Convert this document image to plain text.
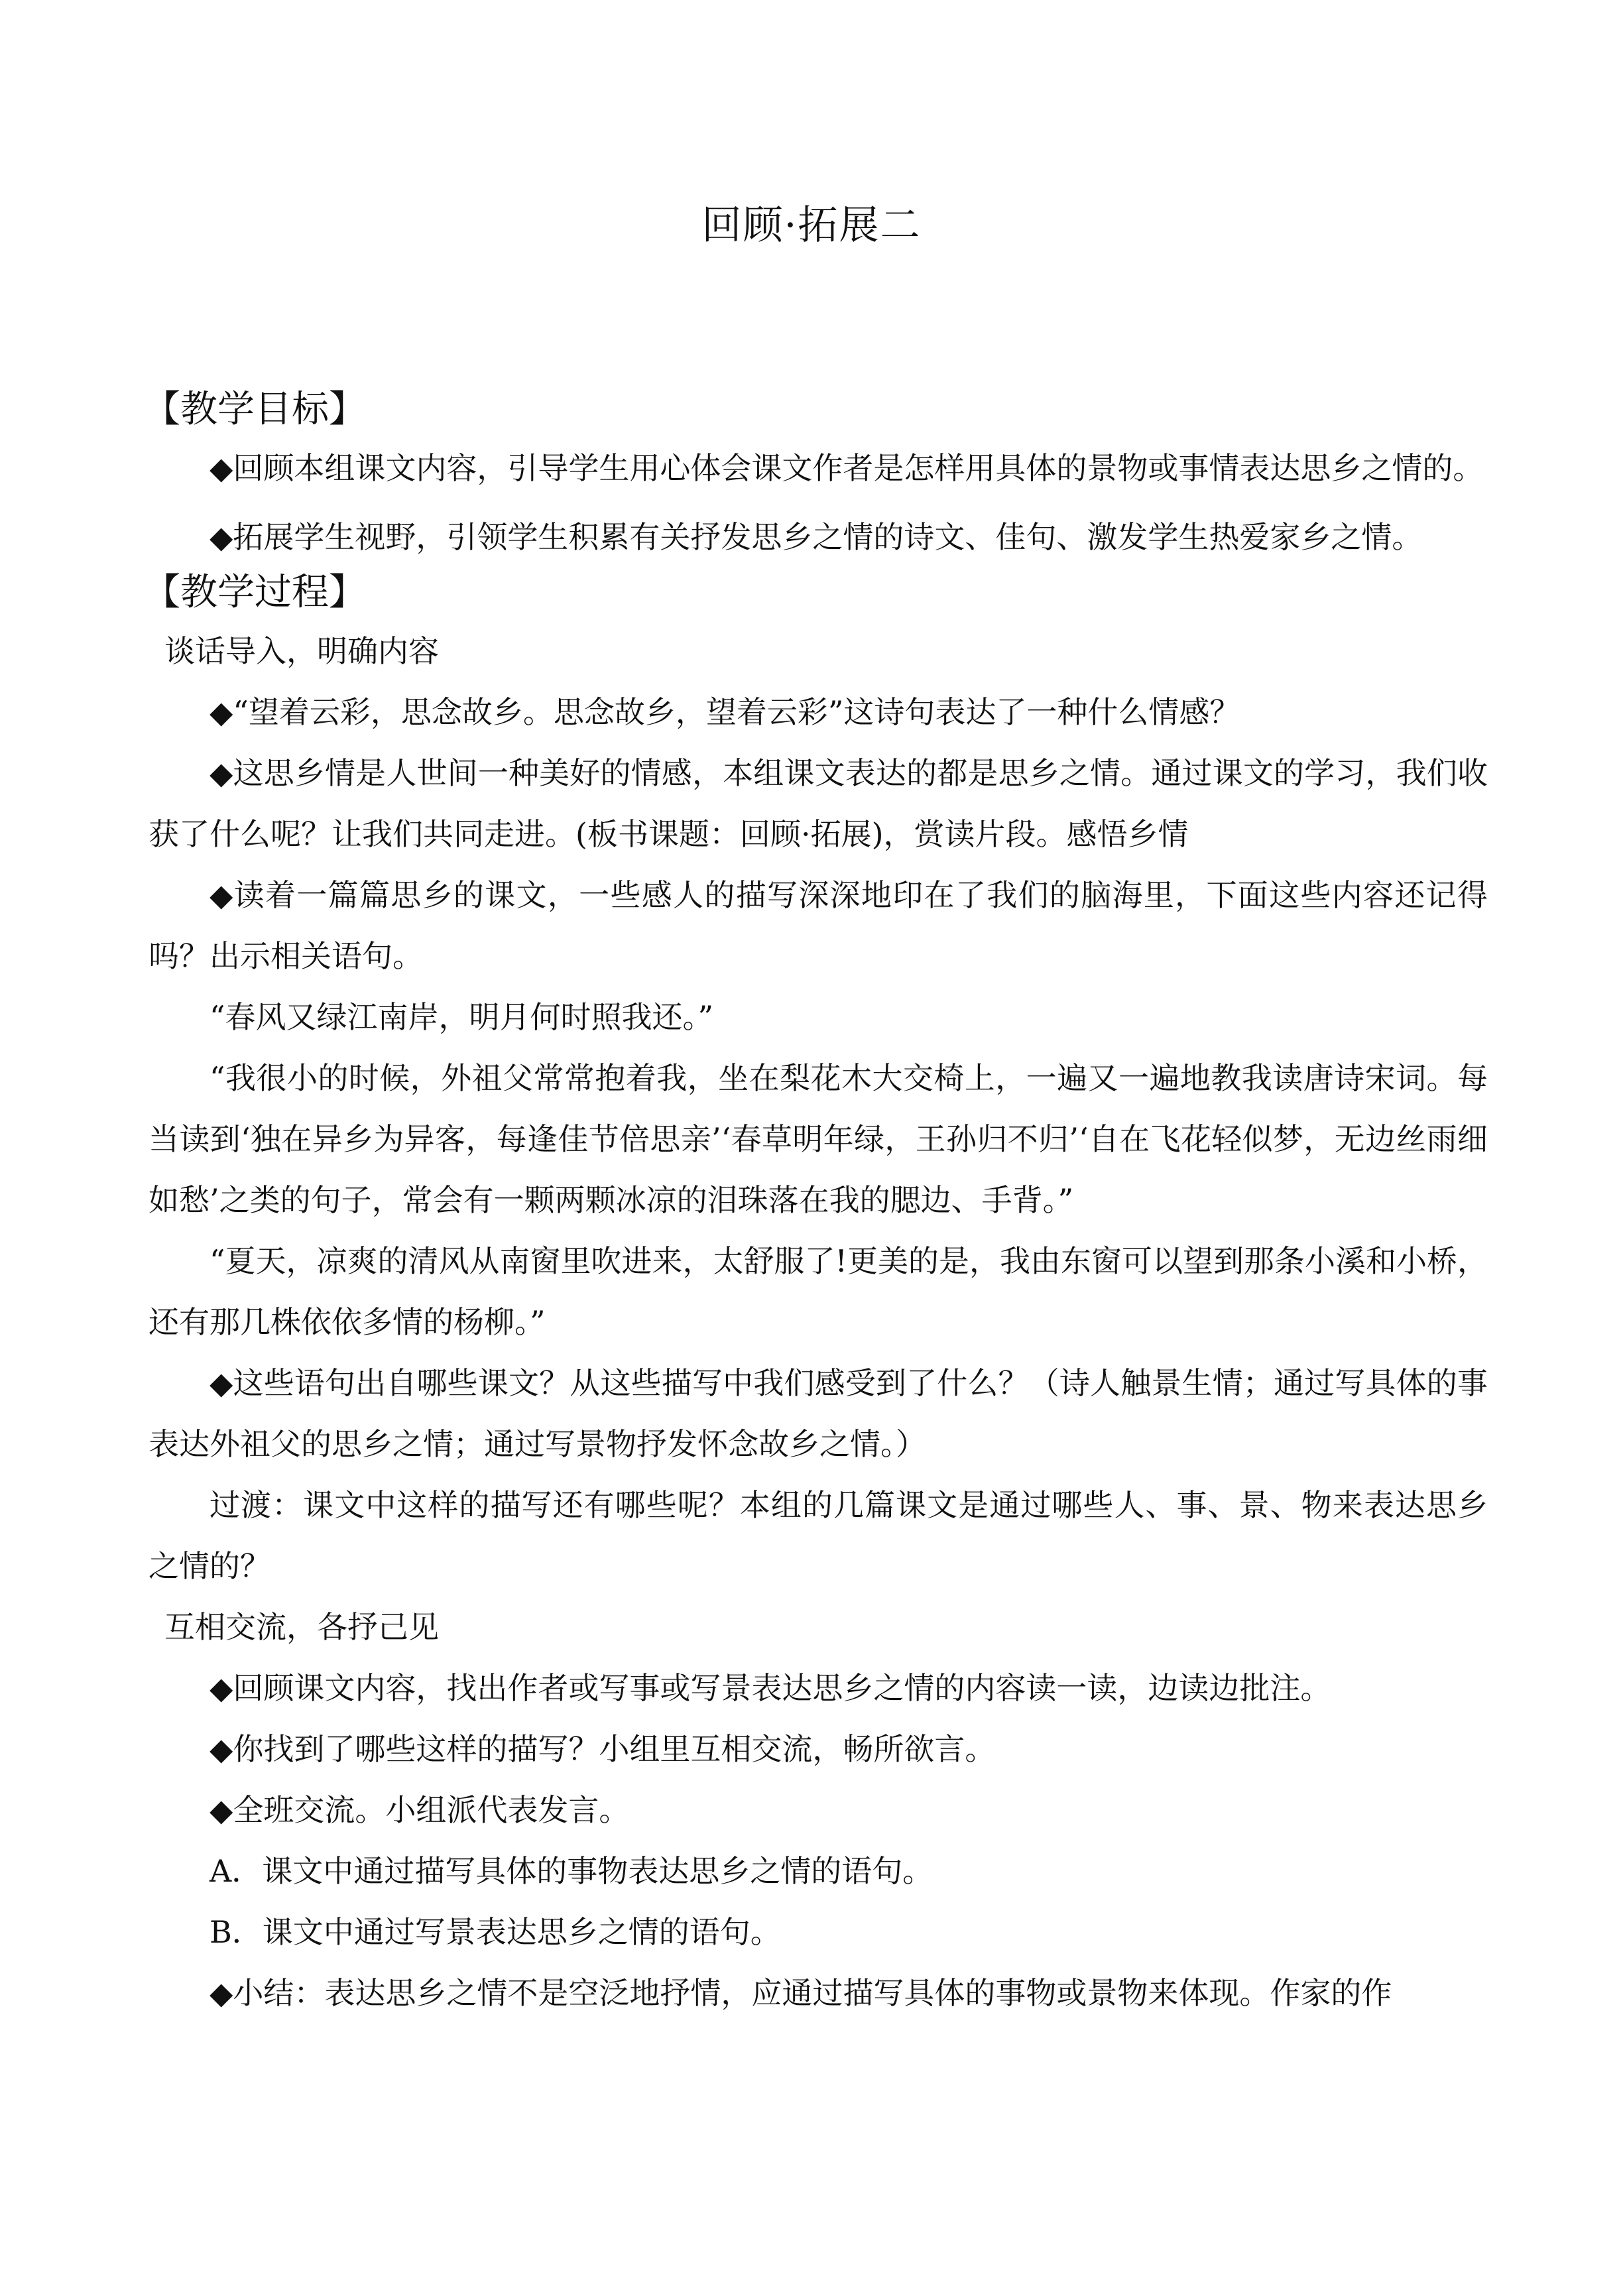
回顾·拓展二
【教学目标】

◆回顾本组课文内容，引导学生用心体会课文作者是怎样用具体的景物或事情表达思乡之情的。

◆拓展学生视野，引领学生积累有关抒发思乡之情的诗文、佳句、激发学生热爱家乡之情。

【教学过程】

谈话导入，明确内容

◆“望着云彩，思念故乡。思念故乡，望着云彩”这诗句表达了一种什么情感？

◆这思乡情是人世间一种美好的情感，本组课文表达的都是思乡之情。通过课文的学习，我们收获了什么呢？让我们共同走进。(板书课题：回顾·拓展)，赏读片段。感悟乡情

◆读着一篇篇思乡的课文，一些感人的描写深深地印在了我们的脑海里，下面这些内容还记得吗？出示相关语句。

“春风又绿江南岸，明月何时照我还。”

“我很小的时候，外祖父常常抱着我，坐在梨花木大交椅上，一遍又一遍地教我读唐诗宋词。每当读到‘独在异乡为异客，每逢佳节倍思亲’‘春草明年绿，王孙归不归’‘自在飞花轻似梦，无边丝雨细如愁’之类的句子，常会有一颗两颗冰凉的泪珠落在我的腮边、手背。”

“夏天，凉爽的清风从南窗里吹进来，太舒服了!更美的是，我由东窗可以望到那条小溪和小桥，还有那几株依依多情的杨柳。”

◆这些语句出自哪些课文？从这些描写中我们感受到了什么？（诗人触景生情；通过写具体的事表达外祖父的思乡之情；通过写景物抒发怀念故乡之情。）

过渡：课文中这样的描写还有哪些呢？本组的几篇课文是通过哪些人、事、景、物来表达思乡之情的？

互相交流，各抒己见

◆回顾课文内容，找出作者或写事或写景表达思乡之情的内容读一读，边读边批注。

◆你找到了哪些这样的描写？小组里互相交流，畅所欲言。

◆全班交流。小组派代表发言。

A．课文中通过描写具体的事物表达思乡之情的语句。

B．课文中通过写景表达思乡之情的语句。

◆小结：表达思乡之情不是空泛地抒情，应通过描写具体的事物或景物来体现。作家的作
